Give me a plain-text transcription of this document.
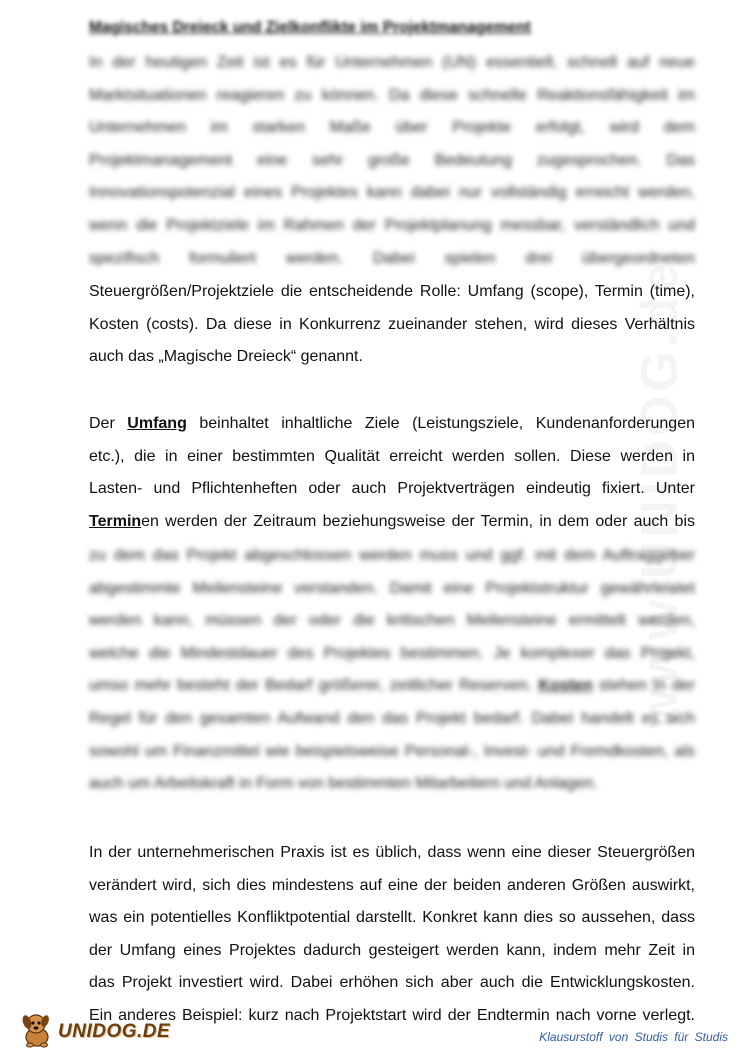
Magisches Dreieck und Zielkonflikte im Projektmanagement
In der heutigen Zeit ist es für Unternehmen (UN) essentiell, schnell auf neue
Marktsituationen reagieren zu können. Da diese schnelle Reaktionsfähigkeit im
Unternehmen im starken Maße über Projekte erfolgt, wird dem
Projektmanagement eine sehr große Bedeutung zugesprochen. Das
Innovationspotenzial eines Projektes kann dabei nur vollständig erreicht werden,
wenn die Projektziele im Rahmen der Projektplanung messbar, verständlich und
spezifisch formuliert werden. Dabei spielen drei übergeordneten
Steuergrößen/Projektziele die entscheidende Rolle: Umfang (scope), Termin (time),
Kosten (costs). Da diese in Konkurrenz zueinander stehen, wird dieses Verhältnis
auch das „Magische Dreieck“ genannt.
Der Umfang beinhaltet inhaltliche Ziele (Leistungsziele, Kundenanforderungen
etc.), die in einer bestimmten Qualität erreicht werden sollen. Diese werden in
Lasten- und Pflichtenheften oder auch Projektverträgen eindeutig fixiert. Unter
Terminen werden der Zeitraum beziehungsweise der Termin, in dem oder auch bis
zu dem das Projekt abgeschlossen werden muss und ggf. mit dem Auftraggeber
abgestimmte Meilensteine verstanden. Damit eine Projektstruktur gewährleistet
werden kann, müssen der oder die kritischen Meilensteine ermittelt werden,
welche die Mindestdauer des Projektes bestimmen. Je komplexer das Projekt,
umso mehr besteht der Bedarf größerer, zeitlicher Reserven. Kosten stehen in der
Regel für den gesamten Aufwand den das Projekt bedarf. Dabei handelt es sich
sowohl um Finanzmittel wie beispielsweise Personal-, Invest- und Fremdkosten, als
auch um Arbeitskraft in Form von bestimmten Mitarbeitern und Anlagen.
In der unternehmerischen Praxis ist es üblich, dass wenn eine dieser Steuergrößen
verändert wird, sich dies mindestens auf eine der beiden anderen Größen auswirkt,
was ein potentielles Konfliktpotential darstellt. Konkret kann dies so aussehen, dass
der Umfang eines Projektes dadurch gesteigert werden kann, indem mehr Zeit in
das Projekt investiert wird. Dabei erhöhen sich aber auch die Entwicklungskosten.
Ein anderes Beispiel: kurz nach Projektstart wird der Endtermin nach vorne verlegt.
UNIDOG.DE	Klausurstoff von Studis für Studis
